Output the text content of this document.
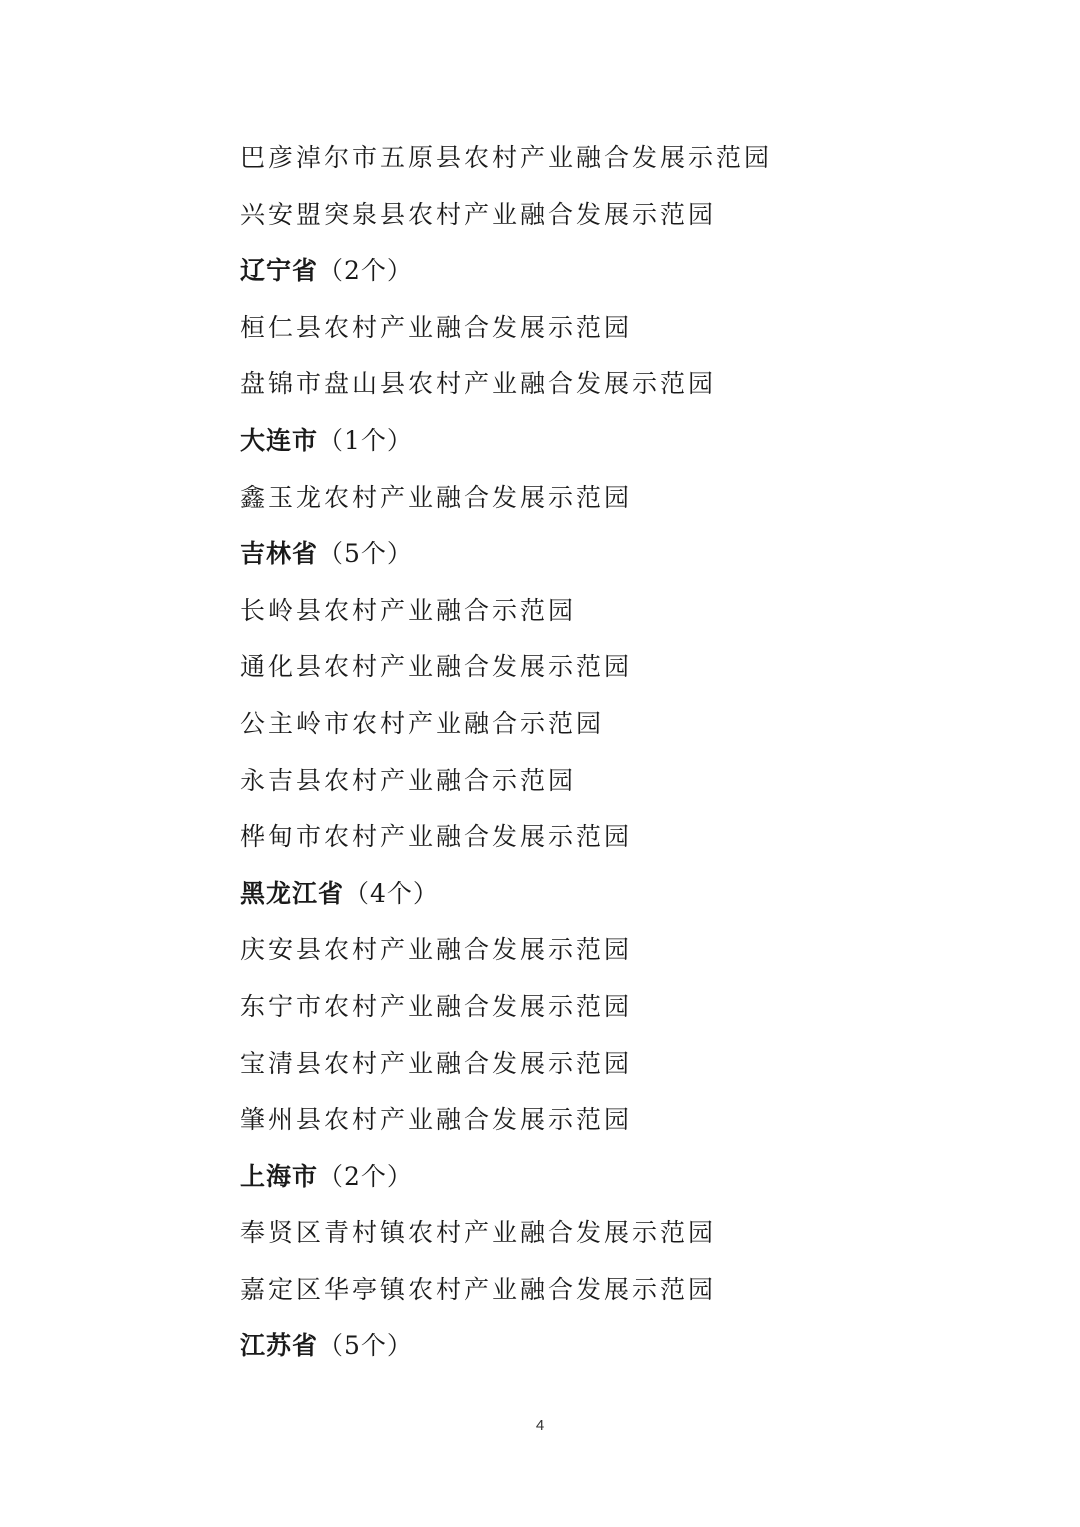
巴彦淖尔市五原县农村产业融合发展示范园
兴安盟突泉县农村产业融合发展示范园
辽宁省（2个）
桓仁县农村产业融合发展示范园
盘锦市盘山县农村产业融合发展示范园
大连市（1个）
鑫玉龙农村产业融合发展示范园
吉林省（5个）
长岭县农村产业融合示范园
通化县农村产业融合发展示范园
公主岭市农村产业融合示范园
永吉县农村产业融合示范园
桦甸市农村产业融合发展示范园
黑龙江省（4个）
庆安县农村产业融合发展示范园
东宁市农村产业融合发展示范园
宝清县农村产业融合发展示范园
肇州县农村产业融合发展示范园
上海市（2个）
奉贤区青村镇农村产业融合发展示范园
嘉定区华亭镇农村产业融合发展示范园
江苏省（5个）
4
